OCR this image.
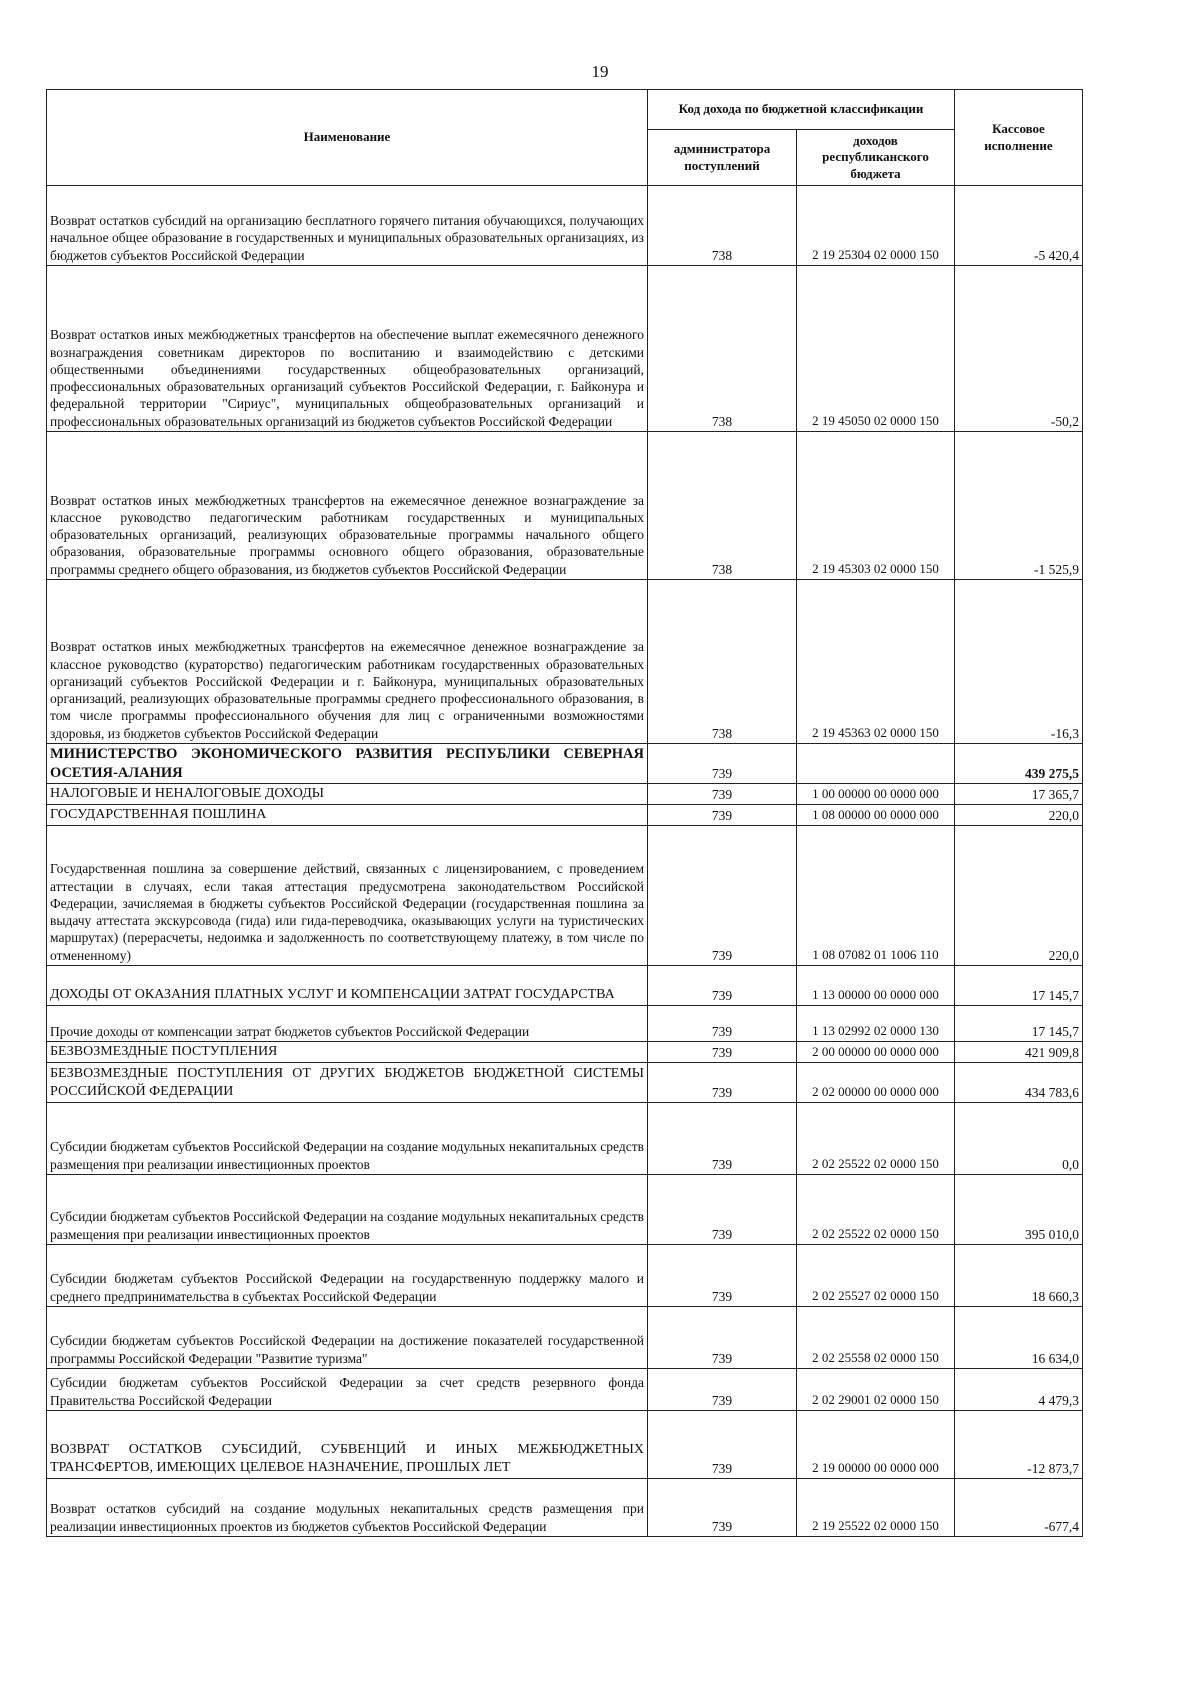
19
Наименование	Код дохода по бюджетной классификации		Кассовое исполнение
	администратора поступлений	доходов республиканского бюджета	
Возврат остатков субсидий на организацию бесплатного горячего питания обучающихся, получающих начальное общее образование в государственных и муниципальных образовательных организациях, из бюджетов субъектов Российской Федерации	738	2 19 25304 02 0000 150	-5 420,4
Возврат остатков иных межбюджетных трансфертов на обеспечение выплат ежемесячного денежного вознаграждения советникам директоров по воспитанию и взаимодействию с детскими общественными объединениями государственных общеобразовательных организаций, профессиональных образовательных организаций субъектов Российской Федерации, г. Байконура и федеральной территории "Сириус", муниципальных общеобразовательных организаций и профессиональных образовательных организаций из бюджетов субъектов Российской Федерации	738	2 19 45050 02 0000 150	-50,2
Возврат остатков иных межбюджетных трансфертов на ежемесячное денежное вознаграждение за классное руководство педагогическим работникам государственных и муниципальных образовательных организаций, реализующих образовательные программы начального общего образования, образовательные программы основного общего образования, образовательные программы среднего общего образования, из бюджетов субъектов Российской Федерации	738	2 19 45303 02 0000 150	-1 525,9
Возврат остатков иных межбюджетных трансфертов на ежемесячное денежное вознаграждение за классное руководство (кураторство) педагогическим работникам государственных образовательных организаций субъектов Российской Федерации и г. Байконура, муниципальных образовательных организаций, реализующих образовательные программы среднего профессионального образования, в том числе программы профессионального обучения для лиц с ограниченными возможностями здоровья, из бюджетов субъектов Российской Федерации	738	2 19 45363 02 0000 150	-16,3
МИНИСТЕРСТВО ЭКОНОМИЧЕСКОГО РАЗВИТИЯ РЕСПУБЛИКИ СЕВЕРНАЯ ОСЕТИЯ-АЛАНИЯ	739		439 275,5
НАЛОГОВЫЕ И НЕНАЛОГОВЫЕ ДОХОДЫ	739	1 00 00000 00 0000 000	17 365,7
ГОСУДАРСТВЕННАЯ ПОШЛИНА	739	1 08 00000 00 0000 000	220,0
Государственная пошлина за совершение действий, связанных с лицензированием, с проведением аттестации в случаях, если такая аттестация предусмотрена законодательством Российской Федерации, зачисляемая в бюджеты субъектов Российской Федерации (государственная пошлина за выдачу аттестата экскурсовода (гида) или гида-переводчика, оказывающих услуги на туристических маршрутах) (перерасчеты, недоимка и задолженность по соответствующему платежу, в том числе по отмененному)	739	1 08 07082 01 1006 110	220,0
ДОХОДЫ ОТ ОКАЗАНИЯ ПЛАТНЫХ УСЛУГ И КОМПЕНСАЦИИ ЗАТРАТ ГОСУДАРСТВА	739	1 13 00000 00 0000 000	17 145,7
Прочие доходы от компенсации затрат бюджетов субъектов Российской Федерации	739	1 13 02992 02 0000 130	17 145,7
БЕЗВОЗМЕЗДНЫЕ ПОСТУПЛЕНИЯ	739	2 00 00000 00 0000 000	421 909,8
БЕЗВОЗМЕЗДНЫЕ ПОСТУПЛЕНИЯ ОТ ДРУГИХ БЮДЖЕТОВ БЮДЖЕТНОЙ СИСТЕМЫ РОССИЙСКОЙ ФЕДЕРАЦИИ	739	2 02 00000 00 0000 000	434 783,6
Субсидии бюджетам субъектов Российской Федерации на создание модульных некапитальных средств размещения при реализации инвестиционных проектов	739	2 02 25522 02 0000 150	0,0
Субсидии бюджетам субъектов Российской Федерации на создание модульных некапитальных средств размещения при реализации инвестиционных проектов	739	2 02 25522 02 0000 150	395 010,0
Субсидии бюджетам субъектов Российской Федерации на государственную поддержку малого и среднего предпринимательства в субъектах Российской Федерации	739	2 02 25527 02 0000 150	18 660,3
Субсидии бюджетам субъектов Российской Федерации на достижение показателей государственной программы Российской Федерации "Развитие туризма"	739	2 02 25558 02 0000 150	16 634,0
Субсидии бюджетам субъектов Российской Федерации за счет средств резервного фонда Правительства Российской Федерации	739	2 02 29001 02 0000 150	4 479,3
ВОЗВРАТ ОСТАТКОВ СУБСИДИЙ, СУБВЕНЦИЙ И ИНЫХ МЕЖБЮДЖЕТНЫХ ТРАНСФЕРТОВ, ИМЕЮЩИХ ЦЕЛЕВОЕ НАЗНАЧЕНИЕ, ПРОШЛЫХ ЛЕТ	739	2 19 00000 00 0000 000	-12 873,7
Возврат остатков субсидий на создание модульных некапитальных средств размещения при реализации инвестиционных проектов из бюджетов субъектов Российской Федерации	739	2 19 25522 02 0000 150	-677,4
